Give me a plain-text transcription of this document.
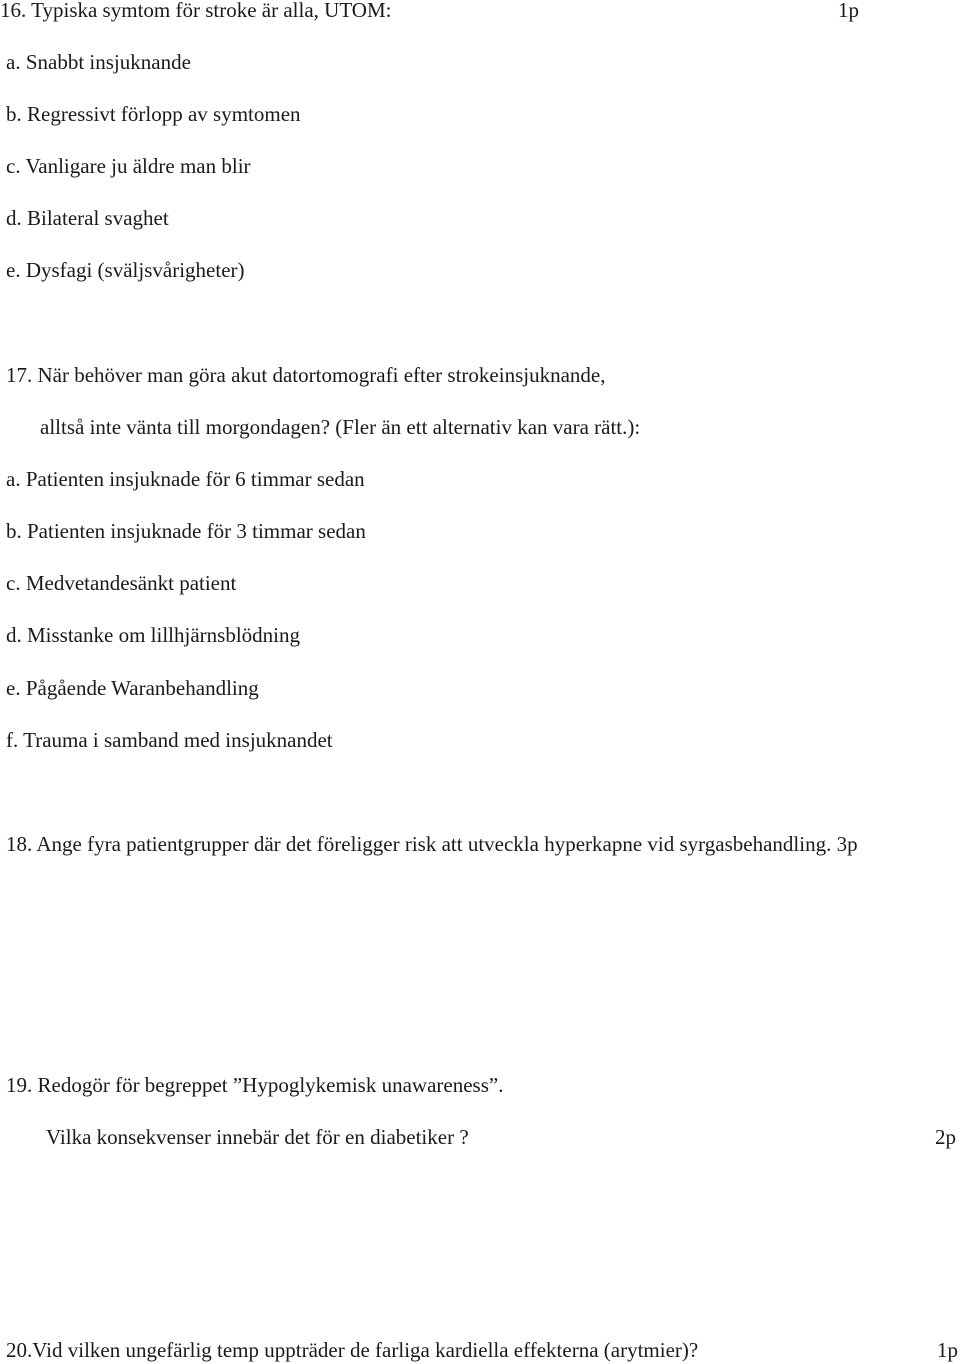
16. Typiska symtom för stroke är alla, UTOM:	1p

a. Snabbt insjuknande

b. Regressivt förlopp av symtomen

c. Vanligare ju äldre man blir

d. Bilateral svaghet

e. Dysfagi (sväljsvårigheter)

17. När behöver man göra akut datortomografi efter strokeinsjuknande,

alltså inte vänta till morgondagen? (Fler än ett alternativ kan vara rätt.):

a. Patienten insjuknade för 6 timmar sedan

b. Patienten insjuknade för 3 timmar sedan

c. Medvetandesänkt patient

d. Misstanke om lillhjärnsblödning

e. Pågående Waranbehandling

f. Trauma i samband med insjuknandet

18. Ange fyra patientgrupper där det föreligger risk att utveckla hyperkapne vid syrgasbehandling. 3p

19. Redogör för begreppet ”Hypoglykemisk unawareness”.

Vilka konsekvenser innebär det för en diabetiker ?	2p

20.Vid vilken ungefärlig temp uppträder de farliga kardiella effekterna (arytmier)?	1p
